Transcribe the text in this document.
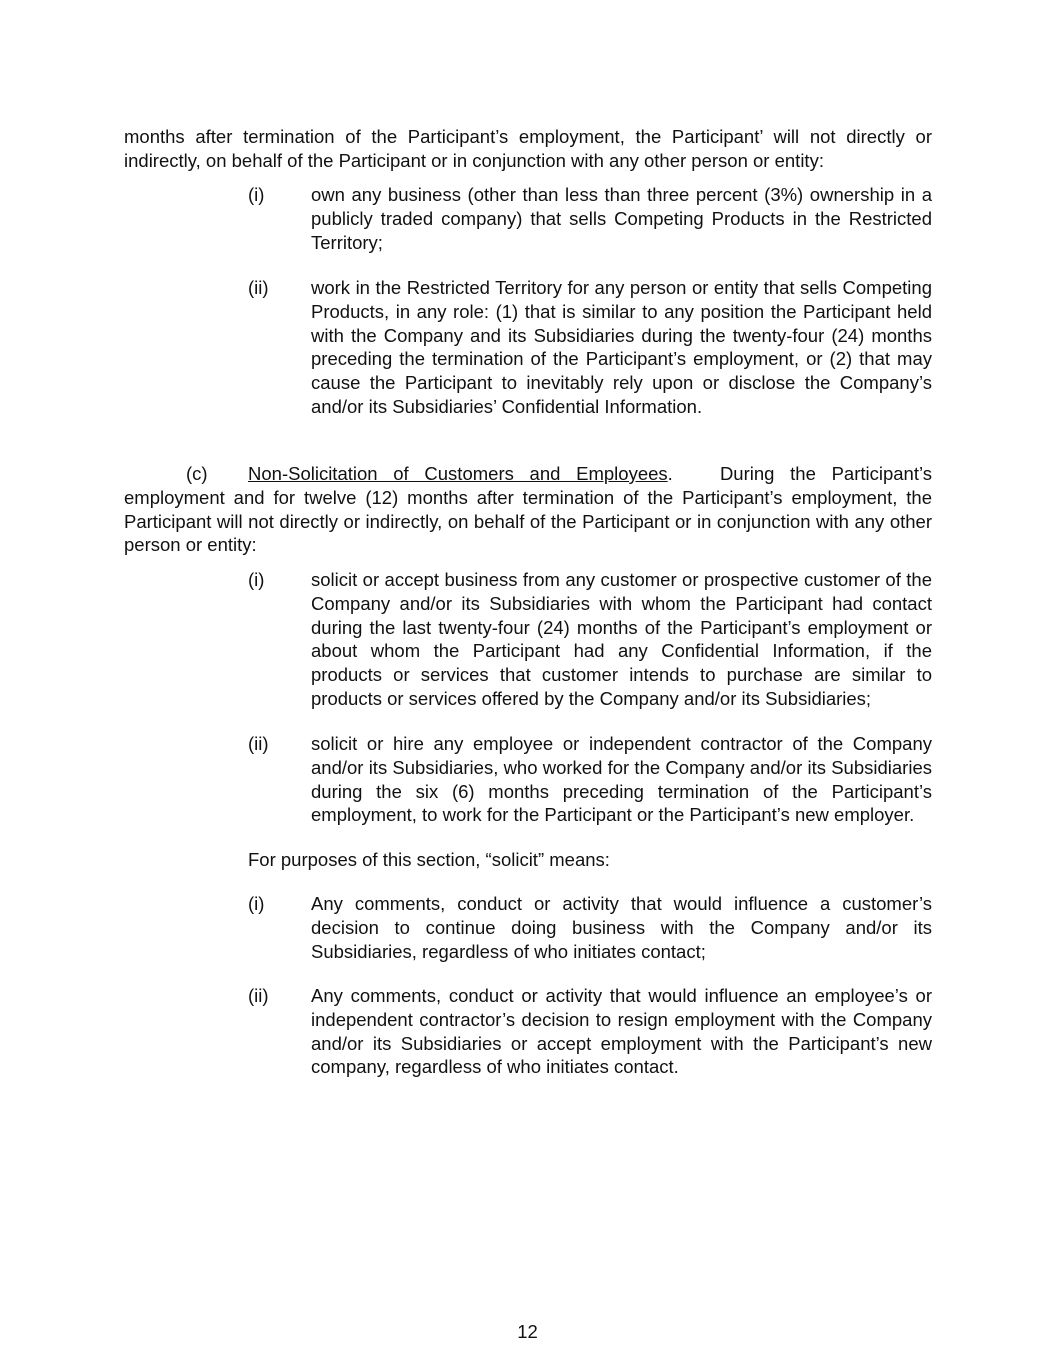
months after termination of the Participant’s employment, the Participant’ will not directly or indirectly, on behalf of the Participant or in conjunction with any other person or entity:

(i)	own any business (other than less than three percent (3%) ownership in a publicly traded company) that sells Competing Products in the Restricted Territory;
(ii) work in the Restricted Territory for any person or entity that sells Competing Products, in any role: (1) that is similar to any position the Participant held with the Company and its Subsidiaries during the twenty-four (24) months preceding the termination of the Participant’s employment, or (2) that may cause the Participant to inevitably rely upon or disclose the Company’s and/or its Subsidiaries’ Confidential Information.

(c) Non-Solicitation of Customers and Employees.	During the Participant’s employment and for twelve (12) months after termination of the Participant’s employment, the Participant will not directly or indirectly, on behalf of the Participant or in conjunction with any other person or entity:

(i)	solicit or accept business from any customer or prospective customer of the Company and/or its Subsidiaries with whom the Participant had contact during the last twenty-four (24) months of the Participant’s employment or about whom the Participant had any Confidential Information, if the products or services that customer intends to purchase are similar to products or services offered by the Company and/or its Subsidiaries;
(ii) solicit or hire any employee or independent contractor of the Company and/or its Subsidiaries, who worked for the Company and/or its Subsidiaries during the six (6) months preceding termination of the Participant’s employment, to work for the Participant or the Participant’s new employer.

For purposes of this section, “solicit” means:

(i)	Any comments, conduct or activity that would influence a customer’s decision to continue doing business with the Company and/or its Subsidiaries, regardless of who initiates contact;
(ii) Any comments, conduct or activity that would influence an employee’s or independent contractor’s decision to resign employment with the Company and/or its Subsidiaries or accept employment with the Participant’s new company, regardless of who initiates contact.
12
